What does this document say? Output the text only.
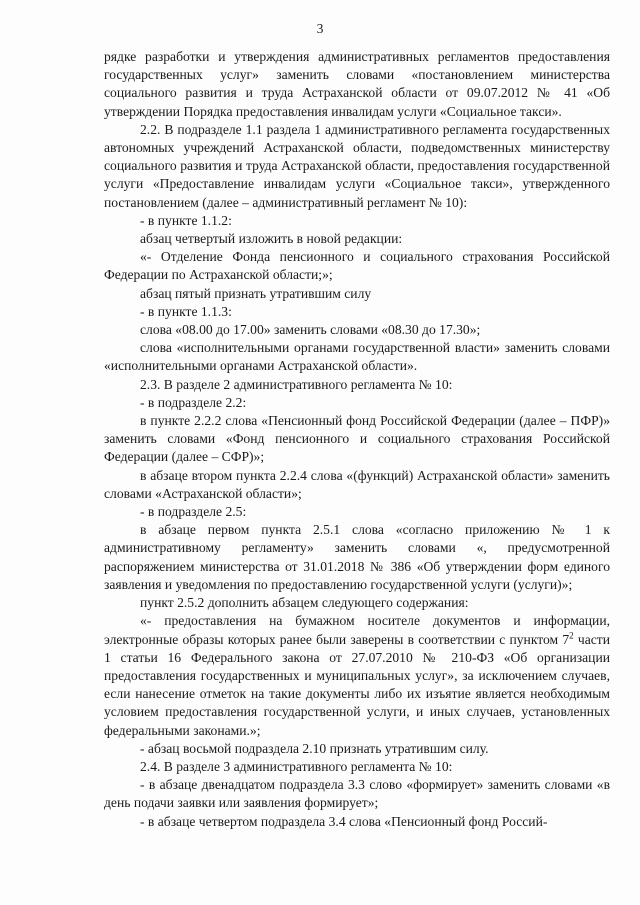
3

рядке разработки и утверждения административных регламентов предоставления государственных услуг» заменить словами «постановлением министерства социального развития и труда Астраханской области от 09.07.2012 № 41 «Об утверждении Порядка предоставления инвалидам услуги «Социальное такси».

2.2. В подразделе 1.1 раздела 1 административного регламента государственных автономных учреждений Астраханской области, подведомственных министерству социального развития и труда Астраханской области, предоставления государственной услуги «Предоставление инвалидам услуги «Социальное такси», утвержденного постановлением (далее – административный регламент № 10):

- в пункте 1.1.2:

абзац четвертый изложить в новой редакции:

«- Отделение Фонда пенсионного и социального страхования Российской Федерации по Астраханской области;»;

абзац пятый признать утратившим силу

- в пункте 1.1.3:

слова «08.00 до 17.00» заменить словами «08.30 до 17.30»;

слова «исполнительными органами государственной власти» заменить словами «исполнительными органами Астраханской области».

2.3. В разделе 2 административного регламента № 10:

- в подразделе 2.2:

в пункте 2.2.2 слова «Пенсионный фонд Российской Федерации (далее – ПФР)» заменить словами «Фонд пенсионного и социального страхования Российской Федерации (далее – СФР)»;

в абзаце втором пункта 2.2.4 слова «(функций) Астраханской области» заменить словами «Астраханской области»;

- в подразделе 2.5:

в абзаце первом пункта 2.5.1 слова «согласно приложению № 1 к административному регламенту» заменить словами «, предусмотренной распоряжением министерства от 31.01.2018 № 386 «Об утверждении форм единого заявления и уведомления по предоставлению государственной услуги (услуги)»;

пункт 2.5.2 дополнить абзацем следующего содержания:

«- предоставления на бумажном носителе документов и информации, электронные образы которых ранее были заверены в соответствии с пунктом $7^2$ части 1 статьи 16 Федерального закона от 27.07.2010 № 210-ФЗ «Об организации предоставления государственных и муниципальных услуг», за исключением случаев, если нанесение отметок на такие документы либо их изъятие является необходимым условием предоставления государственной услуги, и иных случаев, установленных федеральными законами.»;

- абзац восьмой подраздела 2.10 признать утратившим силу.

2.4. В разделе 3 административного регламента № 10:

- в абзаце двенадцатом подраздела 3.3 слово «формирует» заменить словами «в день подачи заявки или заявления формирует»;

- в абзаце четвертом подраздела 3.4 слова «Пенсионный фонд Россий-
